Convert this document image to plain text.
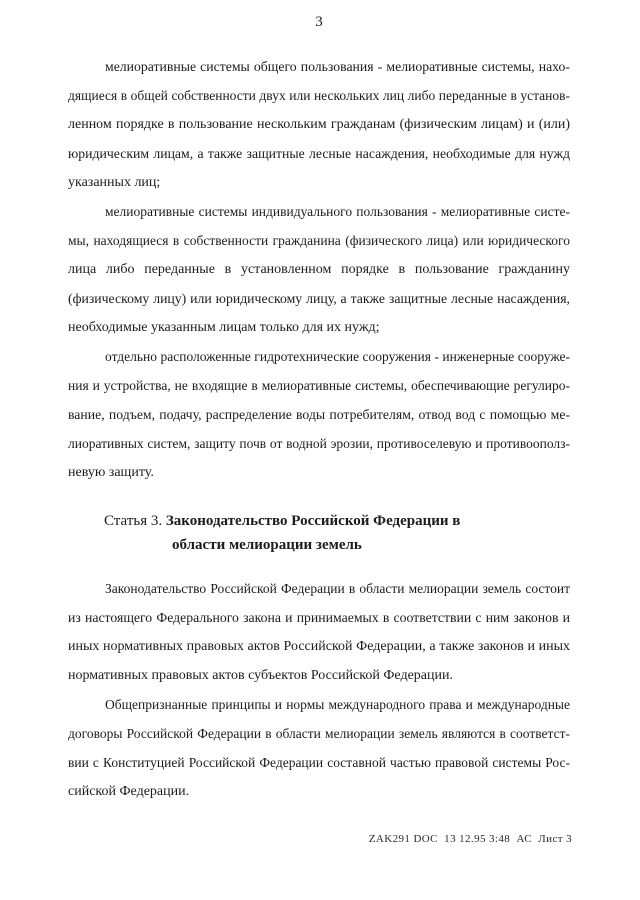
3
мелиоративные системы общего пользования - мелиоративные системы, нахо-
дящиеся в общей собственности двух или нескольких лиц либо переданные в установ-
ленном порядке в пользование нескольким гражданам (физическим лицам) и (или)
юридическим лицам, а также защитные лесные насаждения, необходимые для нужд
указанных лиц;
мелиоративные системы индивидуального пользования - мелиоративные систе-
мы, находящиеся в собственности гражданина (физического лица) или юридического
лица либо переданные в установленном порядке в пользование гражданину
(физическому лицу) или юридическому лицу, а также защитные лесные насаждения,
необходимые указанным лицам только для их нужд;
отдельно расположенные гидротехнические сооружения - инженерные сооруже-
ния и устройства, не входящие в мелиоративные системы, обеспечивающие регулиро-
вание, подъем, подачу, распределение воды потребителям, отвод вод с помощью ме-
лиоративных систем, защиту почв от водной эрозии, противоселевую и противоополз-
невую защиту.
Статья 3. Законодательство Российской Федерации в
области мелиорации земель
Законодательство Российской Федерации в области мелиорации земель состоит
из настоящего Федерального закона и принимаемых в соответствии с ним законов и
иных нормативных правовых актов Российской Федерации, а также законов и иных
нормативных правовых актов субъектов Российской Федерации.
Общепризнанные принципы и нормы международного права и международные
договоры Российской Федерации в области мелиорации земель являются в соответст-
вии с Конституцией Российской Федерации составной частью правовой системы Рос-
сийской Федерации.
ZAK291 DOC  13 12.95 3:48  АС  Лист 3
